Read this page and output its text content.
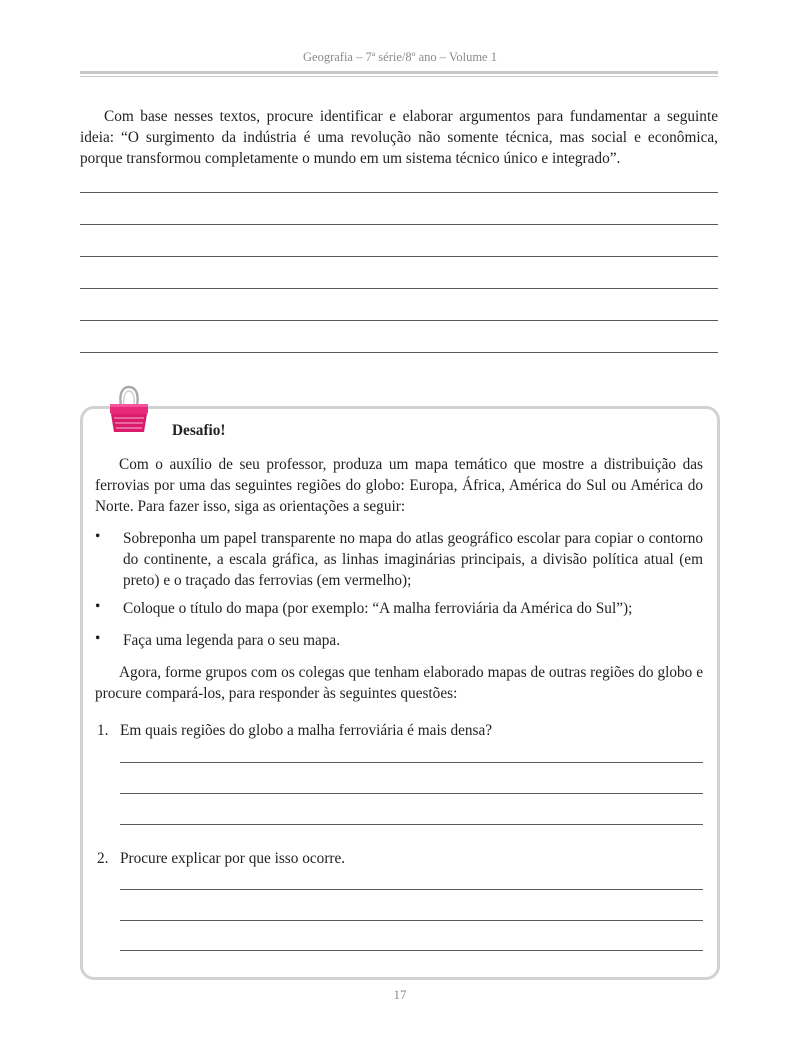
Geografia – 7ª série/8º ano – Volume 1

Com base nesses textos, procure identificar e elaborar argumentos para fundamentar a seguinte ideia: “O surgimento da indústria é uma revolução não somente técnica, mas social e econômica, porque transformou completamente o mundo em um sistema técnico único e integrado”.

Desafio!

Com o auxílio de seu professor, produza um mapa temático que mostre a distribuição das ferrovias por uma das seguintes regiões do globo: Europa, África, América do Sul ou América do Norte. Para fazer isso, siga as orientações a seguir:

• Sobreponha um papel transparente no mapa do atlas geográfico escolar para copiar o contorno do continente, a escala gráfica, as linhas imaginárias principais, a divisão política atual (em preto) e o traçado das ferrovias (em vermelho);

• Coloque o título do mapa (por exemplo: “A malha ferroviária da América do Sul”);

• Faça uma legenda para o seu mapa.

Agora, forme grupos com os colegas que tenham elaborado mapas de outras regiões do globo e procure compará-los, para responder às seguintes questões:

1. Em quais regiões do globo a malha ferroviária é mais densa?
2. Procure explicar por que isso ocorre.
17
